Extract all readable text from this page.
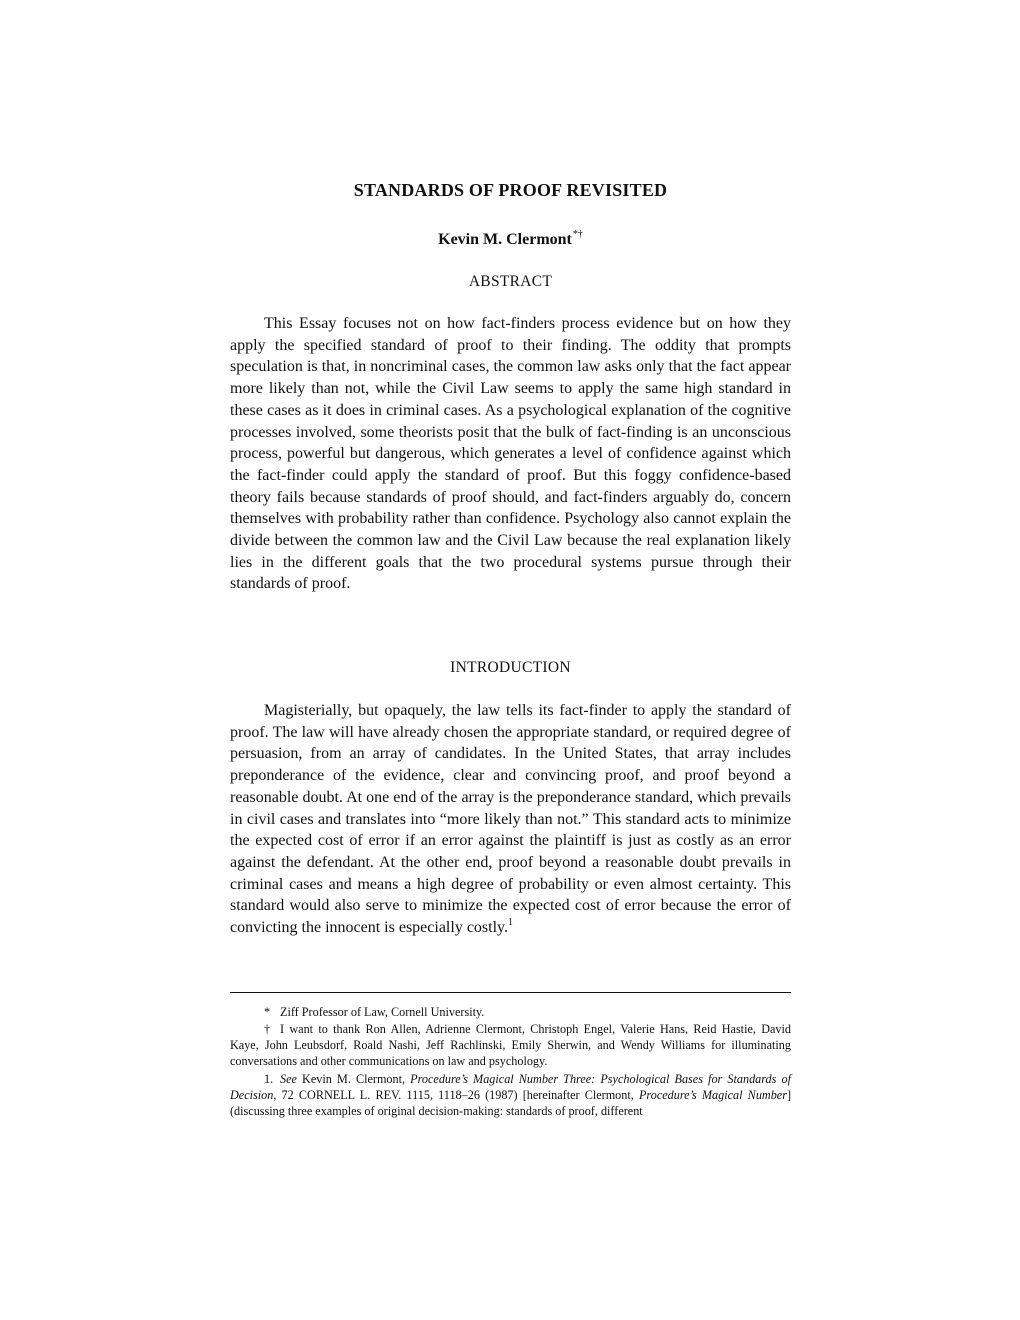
STANDARDS OF PROOF REVISITED
Kevin M. Clermont*†
ABSTRACT

This Essay focuses not on how fact-finders process evidence but on how they apply the specified standard of proof to their finding. The oddity that prompts speculation is that, in noncriminal cases, the common law asks only that the fact appear more likely than not, while the Civil Law seems to apply the same high standard in these cases as it does in criminal cases. As a psychological explanation of the cognitive processes involved, some theorists posit that the bulk of fact-finding is an unconscious process, powerful but dangerous, which generates a level of confidence against which the fact-finder could apply the standard of proof. But this foggy confidence-based theory fails because standards of proof should, and fact-finders arguably do, concern themselves with probability rather than confidence. Psychology also cannot explain the divide between the common law and the Civil Law because the real explanation likely lies in the different goals that the two procedural systems pursue through their standards of proof.

INTRODUCTION

Magisterially, but opaquely, the law tells its fact-finder to apply the standard of proof. The law will have already chosen the appropriate standard, or required degree of persuasion, from an array of candidates. In the United States, that array includes preponderance of the evidence, clear and convincing proof, and proof beyond a reasonable doubt. At one end of the array is the preponderance standard, which prevails in civil cases and translates into “more likely than not.” This standard acts to minimize the expected cost of error if an error against the plaintiff is just as costly as an error against the defendant. At the other end, proof beyond a reasonable doubt prevails in criminal cases and means a high degree of probability or even almost certainty. This standard would also serve to minimize the expected cost of error because the error of convicting the innocent is especially costly.$^1$

* Ziff Professor of Law, Cornell University.

† I want to thank Ron Allen, Adrienne Clermont, Christoph Engel, Valerie Hans, Reid Hastie, David Kaye, John Leubsdorf, Roald Nashi, Jeff Rachlinski, Emily Sherwin, and Wendy Williams for illuminating conversations and other communications on law and psychology.

1. See Kevin M. Clermont, Procedure’s Magical Number Three: Psychological Bases for Standards of Decision, 72 CORNELL L. REV. 1115, 1118–26 (1987) [hereinafter Clermont, Procedure’s Magical Number] (discussing three examples of original decision-making: standards of proof, different
